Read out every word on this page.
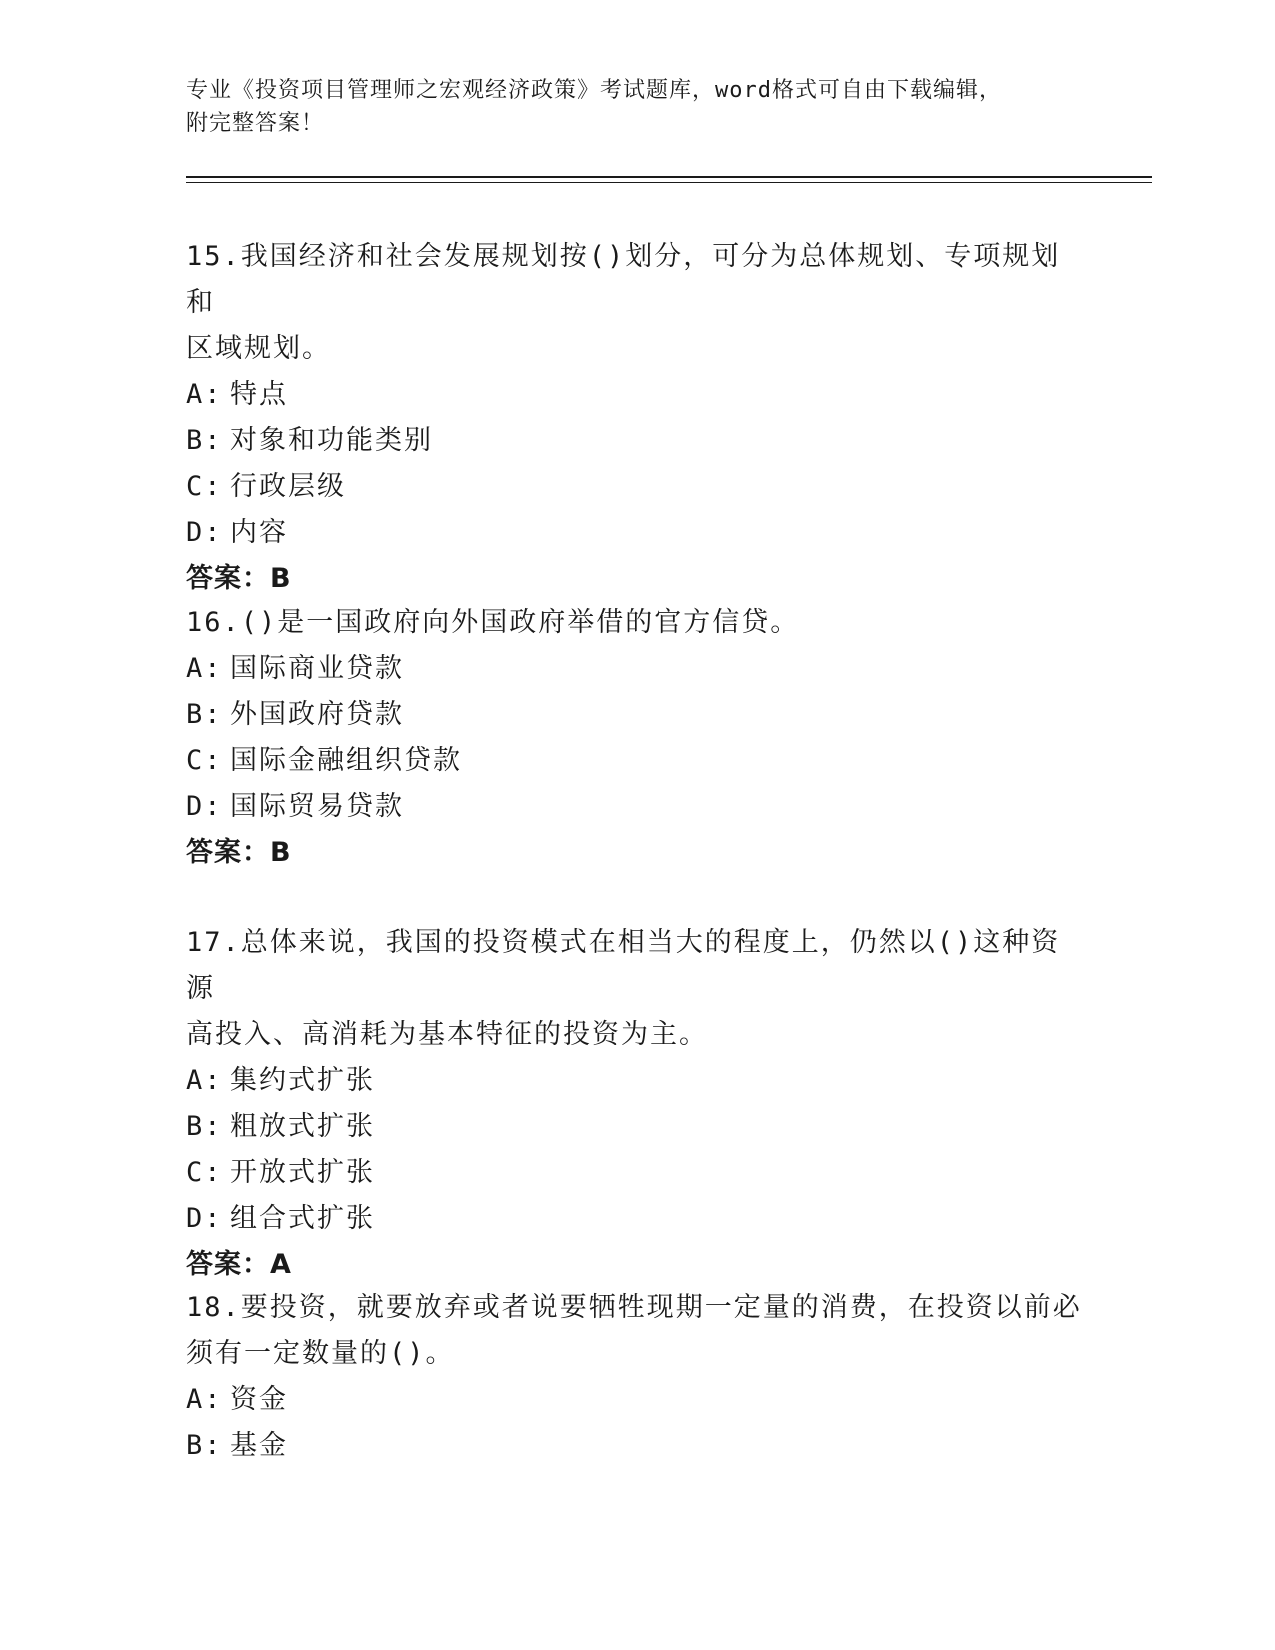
专业《投资项目管理师之宏观经济政策》考试题库，word格式可自由下载编辑，
附完整答案！

15.我国经济和社会发展规划按()划分，可分为总体规划、专项规划和

区域规划。

A: 特点

B: 对象和功能类别

C: 行政层级

D: 内容

答案：B

16.()是一国政府向外国政府举借的官方信贷。

A: 国际商业贷款

B: 外国政府贷款

C: 国际金融组织贷款

D: 国际贸易贷款

答案：B

17.总体来说，我国的投资模式在相当大的程度上，仍然以()这种资源

高投入、高消耗为基本特征的投资为主。

A: 集约式扩张

B: 粗放式扩张

C: 开放式扩张

D: 组合式扩张

答案：A

18.要投资，就要放弃或者说要牺牲现期一定量的消费，在投资以前必

须有一定数量的()。

A: 资金

B: 基金
